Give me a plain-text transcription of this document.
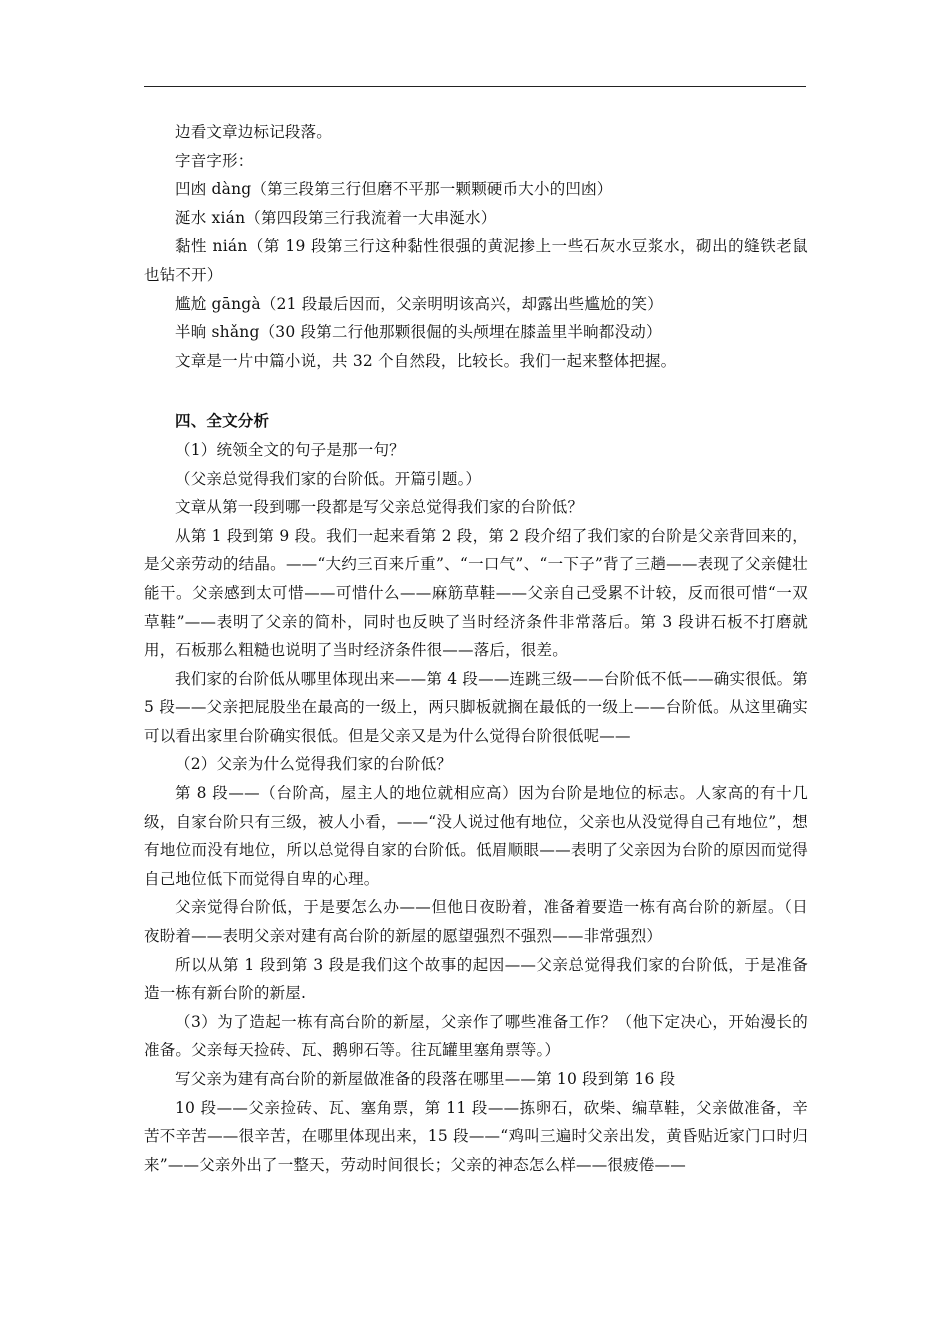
边看文章边标记段落。

字音字形：

凹凼 dàng（第三段第三行但磨不平那一颗颗硬币大小的凹凼）

涎水 xián（第四段第三行我流着一大串涎水）

黏性 nián（第 19 段第三行这种黏性很强的黄泥掺上一些石灰水豆浆水，砌出的缝铁老鼠也钻不开）

尴尬 gāngà（21 段最后因而，父亲明明该高兴，却露出些尴尬的笑）

半晌 shǎng（30 段第二行他那颗很倔的头颅埋在膝盖里半晌都没动）

文章是一片中篇小说，共 32 个自然段，比较长。我们一起来整体把握。

四、全文分析

（1）统领全文的句子是那一句？

（父亲总觉得我们家的台阶低。开篇引题。）

文章从第一段到哪一段都是写父亲总觉得我们家的台阶低？

从第 1 段到第 9 段。我们一起来看第 2 段，第 2 段介绍了我们家的台阶是父亲背回来的，是父亲劳动的结晶。——“大约三百来斤重”、“一口气”、“一下子”背了三趟——表现了父亲健壮能干。父亲感到太可惜——可惜什么——麻筋草鞋——父亲自己受累不计较，反而很可惜“一双草鞋”——表明了父亲的简朴，同时也反映了当时经济条件非常落后。第 3 段讲石板不打磨就用，石板那么粗糙也说明了当时经济条件很——落后，很差。

我们家的台阶低从哪里体现出来——第 4 段——连跳三级——台阶低不低——确实很低。第 5 段——父亲把屁股坐在最高的一级上，两只脚板就搁在最低的一级上——台阶低。从这里确实可以看出家里台阶确实很低。但是父亲又是为什么觉得台阶很低呢——

（2）父亲为什么觉得我们家的台阶低？

第 8 段——（台阶高，屋主人的地位就相应高）因为台阶是地位的标志。人家高的有十几级，自家台阶只有三级，被人小看，——“没人说过他有地位，父亲也从没觉得自己有地位”，想有地位而没有地位，所以总觉得自家的台阶低。低眉顺眼——表明了父亲因为台阶的原因而觉得自己地位低下而觉得自卑的心理。

父亲觉得台阶低，于是要怎么办——但他日夜盼着，准备着要造一栋有高台阶的新屋。（日夜盼着——表明父亲对建有高台阶的新屋的愿望强烈不强烈——非常强烈）

所以从第 1 段到第 3 段是我们这个故事的起因——父亲总觉得我们家的台阶低，于是准备造一栋有新台阶的新屋.

（3）为了造起一栋有高台阶的新屋，父亲作了哪些准备工作？（他下定决心，开始漫长的准备。父亲每天捡砖、瓦、鹅卵石等。往瓦罐里塞角票等。）

写父亲为建有高台阶的新屋做准备的段落在哪里——第 10 段到第 16 段

10 段——父亲捡砖、瓦、塞角票，第 11 段——拣卵石，砍柴、编草鞋，父亲做准备，辛苦不辛苦——很辛苦，在哪里体现出来，15 段——“鸡叫三遍时父亲出发，黄昏贴近家门口时归来”——父亲外出了一整天，劳动时间很长；父亲的神态怎么样——很疲倦——
